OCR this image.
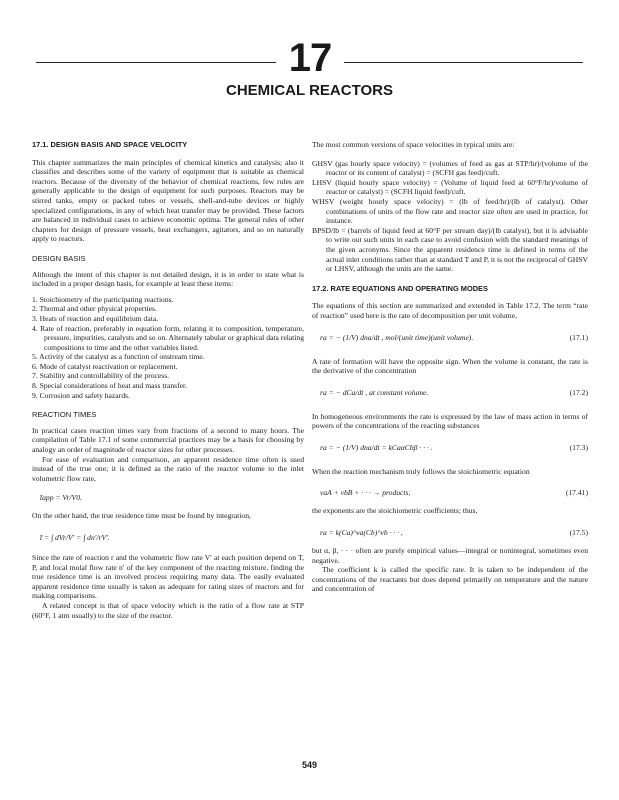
17
CHEMICAL REACTORS
17.1. DESIGN BASIS AND SPACE VELOCITY

This chapter summarizes the main principles of chemical kinetics and catalysis; also it classifies and describes some of the variety of equipment that is suitable as chemical reactors. Because of the diversity of the behavior of chemical reactions, few rules are generally applicable to the design of equipment for such purposes. Reactors may be stirred tanks, empty or packed tubes or vessels, shell-and-tube devices or highly specialized configurations, in any of which heat transfer may be provided. These factors are balanced in individual cases to achieve economic optima. The general rules of other chapters for design of pressure vessels, heat exchangers, agitators, and so on naturally apply to reactors.

DESIGN BASIS

Although the intent of this chapter is not detailed design, it is in order to state what is included in a proper design basis, for example at least these items:

1. Stoichiometry of the participating reactions.
2. Thermal and other physical properties.
3. Heats of reaction and equilibrium data.
4. Rate of reaction, preferably in equation form, relating it to composition, temperature, pressure, impurities, catalysts and so on. Alternately tabular or graphical data relating compositions to time and the other variables listed.
5. Activity of the catalyst as a function of onstream time.
6. Mode of catalyst reactivation or replacement.
7. Stability and controllability of the process.
8. Special considerations of heat and mass transfer.
9. Corrosion and safety hazards.
REACTION TIMES

In practical cases reaction times vary from fractions of a second to many hours. The compilation of Table 17.1 of some commercial practices may be a basis for choosing by analogy an order of magnitude of reactor sizes for other processes.

For ease of evaluation and comparison, an apparent residence time often is used instead of the true one; it is defined as the ratio of the reactor volume to the inlet volumetric flow rate,

t̄app = Vr/V0.

On the other hand, the true residence time must be found by integration,

t̄ = ∫ dVr/V′ = ∫ dn′/rV′.

Since the rate of reaction r and the volumetric flow rate V′ at each position depend on T, P, and local molal flow rate n′ of the key component of the reacting mixture, finding the true residence time is an involved process requiring many data. The easily evaluated apparent residence time usually is taken as adequate for rating sizes of reactors and for making comparisons.

A related concept is that of space velocity which is the ratio of a flow rate at STP (60°F, 1 atm usually) to the size of the reactor.

The most common versions of space velocities in typical units are:

GHSV (gas hourly space velocity) = (volumes of feed as gas at STP/hr)/(volume of the reactor or its content of catalyst) = (SCFH gas feed)/cuft.

LHSV (liquid hourly space velocity) = (Volume of liquid feed at 60°F/hr)/volume of reactor or catalyst) = (SCFH liquid feed)/cuft.

WHSV (weight hourly space velocity) = (lb of feed/hr)/(lb of catalyst). Other combinations of units of the flow rate and reactor size often are used in practice, for instance.

BPSD/lb = (barrels of liquid feed at 60°F per stream day)/(lb catalyst), but it is advisable to write out such units in each case to avoid confusion with the standard meanings of the given acronyms. Since the apparent residence time is defined in terms of the actual inlet conditions rather than at standard T and P, it is not the reciprocal of GHSV or LHSV, although the units are the same.

17.2. RATE EQUATIONS AND OPERATING MODES

The equations of this section are summarized and extended in Table 17.2. The term “rate of reaction” used here is the rate of decomposition per unit volume,

ra = − (1/V) dna/dt , mol/(unit time)(unit volume).	(17.1)

A rate of formation will have the opposite sign. When the volume is constant, the rate is the derivative of the concentration

ra = − dCa/dt , at constant volume.	(17.2)

In homogeneous environments the rate is expressed by the law of mass action in terms of powers of the concentrations of the reacting substances

ra = − (1/V) dna/dt = kCaαCbβ · · · .	(17.3)

When the reaction mechanism truly follows the stoichiometric equation

vaA + vbB + · · · → products,	(17.41)

the exponents are the stoichiometric coefficients; thus,

ra = k(Ca)^va(Cb)^vb · · · ,	(17.5)

but α, β, · · · often are purely empirical values—integral or nonintegral, sometimes even negative.

The coefficient k is called the specific rate. It is taken to be independent of the concentrations of the reactants but does depend primarily on temperature and the nature and concentration of

549
